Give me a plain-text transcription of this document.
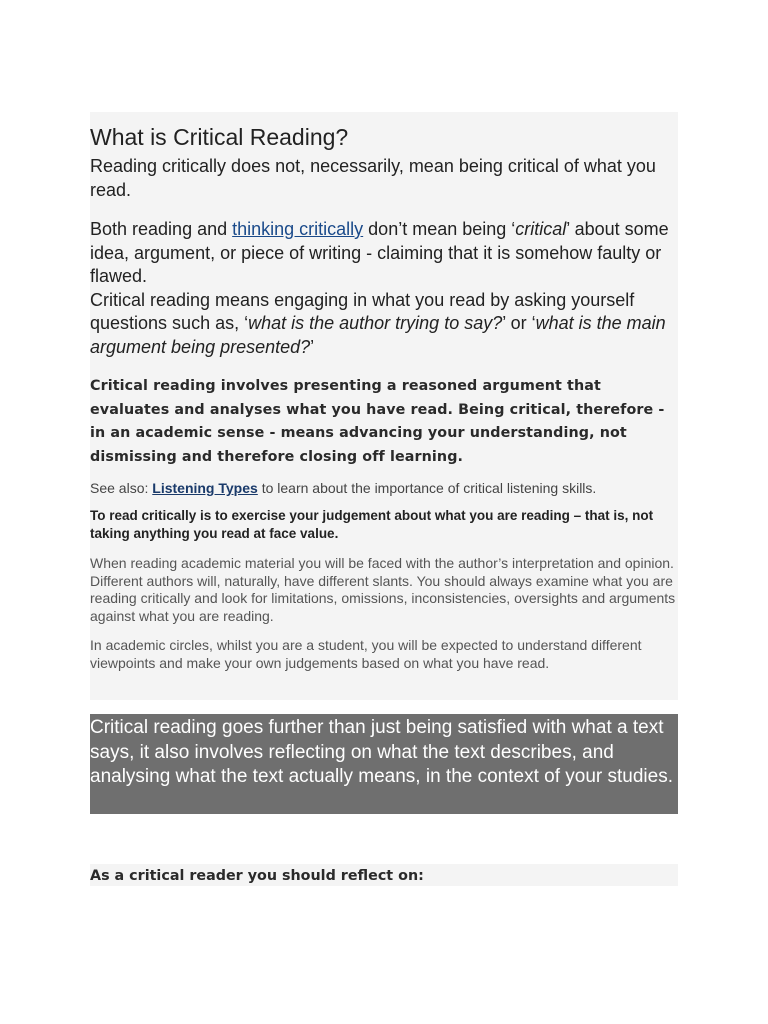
What is Critical Reading?

Reading critically does not, necessarily, mean being critical of what you read.

Both reading and thinking critically don’t mean being ‘critical’ about some idea, argument, or piece of writing - claiming that it is somehow faulty or flawed.
Critical reading means engaging in what you read by asking yourself questions such as, ‘what is the author trying to say?’ or ‘what is the main argument being presented?’

Critical reading involves presenting a reasoned argument that evaluates and analyses what you have read. Being critical, therefore - in an academic sense - means advancing your understanding, not dismissing and therefore closing off learning.

See also: Listening Types to learn about the importance of critical listening skills.

To read critically is to exercise your judgement about what you are reading – that is, not taking anything you read at face value.

When reading academic material you will be faced with the author’s interpretation and opinion. Different authors will, naturally, have different slants. You should always examine what you are reading critically and look for limitations, omissions, inconsistencies, oversights and arguments against what you are reading.

In academic circles, whilst you are a student, you will be expected to understand different viewpoints and make your own judgements based on what you have read.

Critical reading goes further than just being satisfied with what a text says, it also involves reflecting on what the text describes, and analysing what the text actually means, in the context of your studies.

As a critical reader you should reflect on:
